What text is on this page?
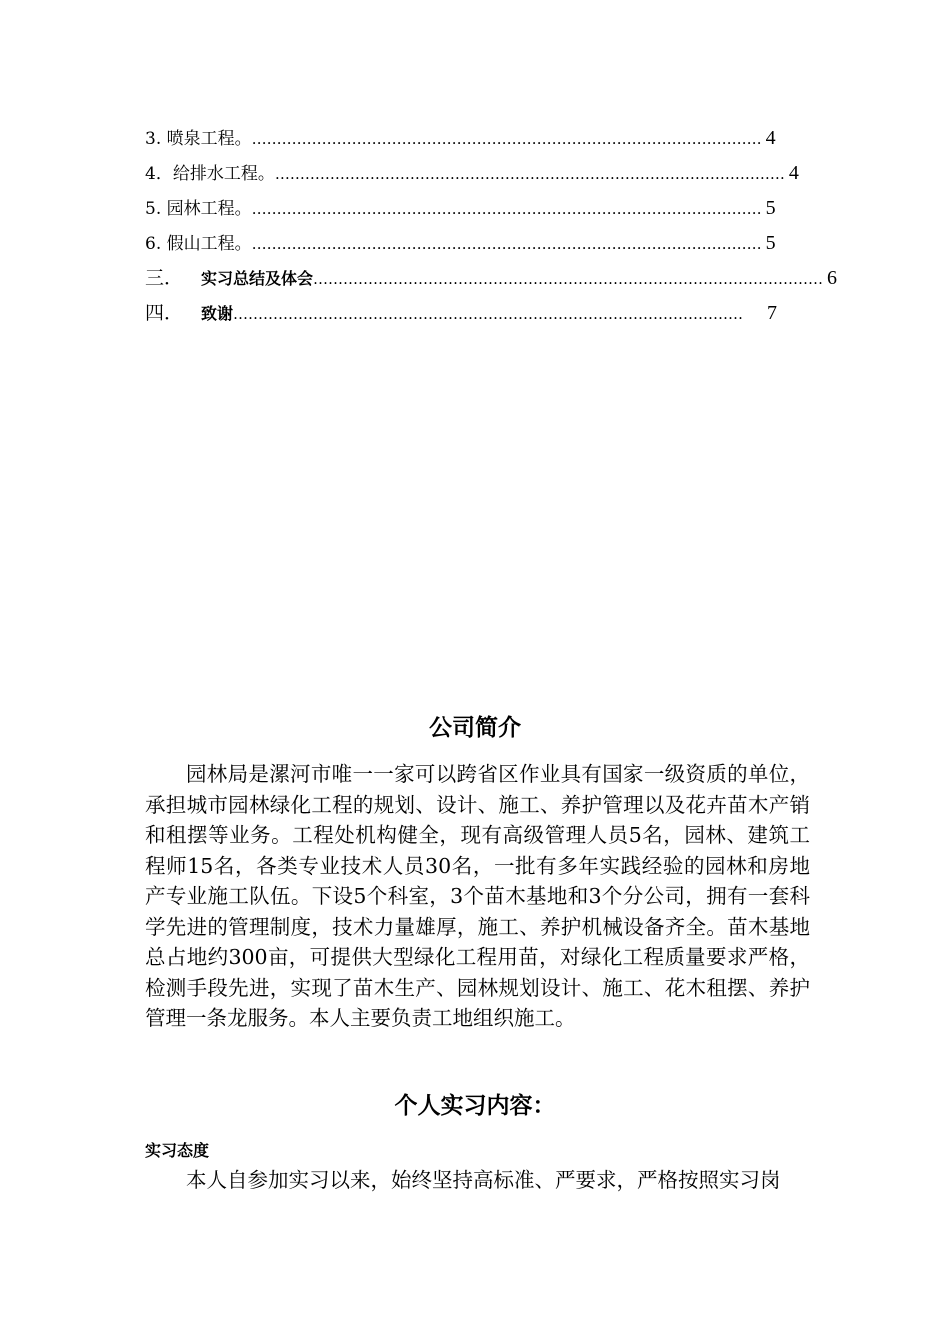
3. 喷泉工程。 ………………………………………………………………………………………… 4
4．给排水工程。 ………………………………………………………………………………………… 4
5. 园林工程。 ………………………………………………………………………………………… 5
6. 假山工程。 ………………………………………………………………………………………… 5
三． 实习总结及体会 ………………………………………………………………………………………… 6
四． 致谢 …………………………………………………………………………………………	7
公司简介
园林局是漯河市唯一一家可以跨省区作业具有国家一级资质的单位，承担城市园林绿化工程的规划、设计、施工、养护管理以及花卉苗木产销和租摆等业务。工程处机构健全，现有高级管理人员5名，园林、建筑工程师15名，各类专业技术人员30名，一批有多年实践经验的园林和房地产专业施工队伍。下设5个科室，3个苗木基地和3个分公司，拥有一套科学先进的管理制度，技术力量雄厚，施工、养护机械设备齐全。苗木基地总占地约300亩，可提供大型绿化工程用苗，对绿化工程质量要求严格，检测手段先进，实现了苗木生产、园林规划设计、施工、花木租摆、养护管理一条龙服务。本人主要负责工地组织施工。
个人实习内容：
实习态度
本人自参加实习以来，始终坚持高标准、严要求，严格按照实习岗
